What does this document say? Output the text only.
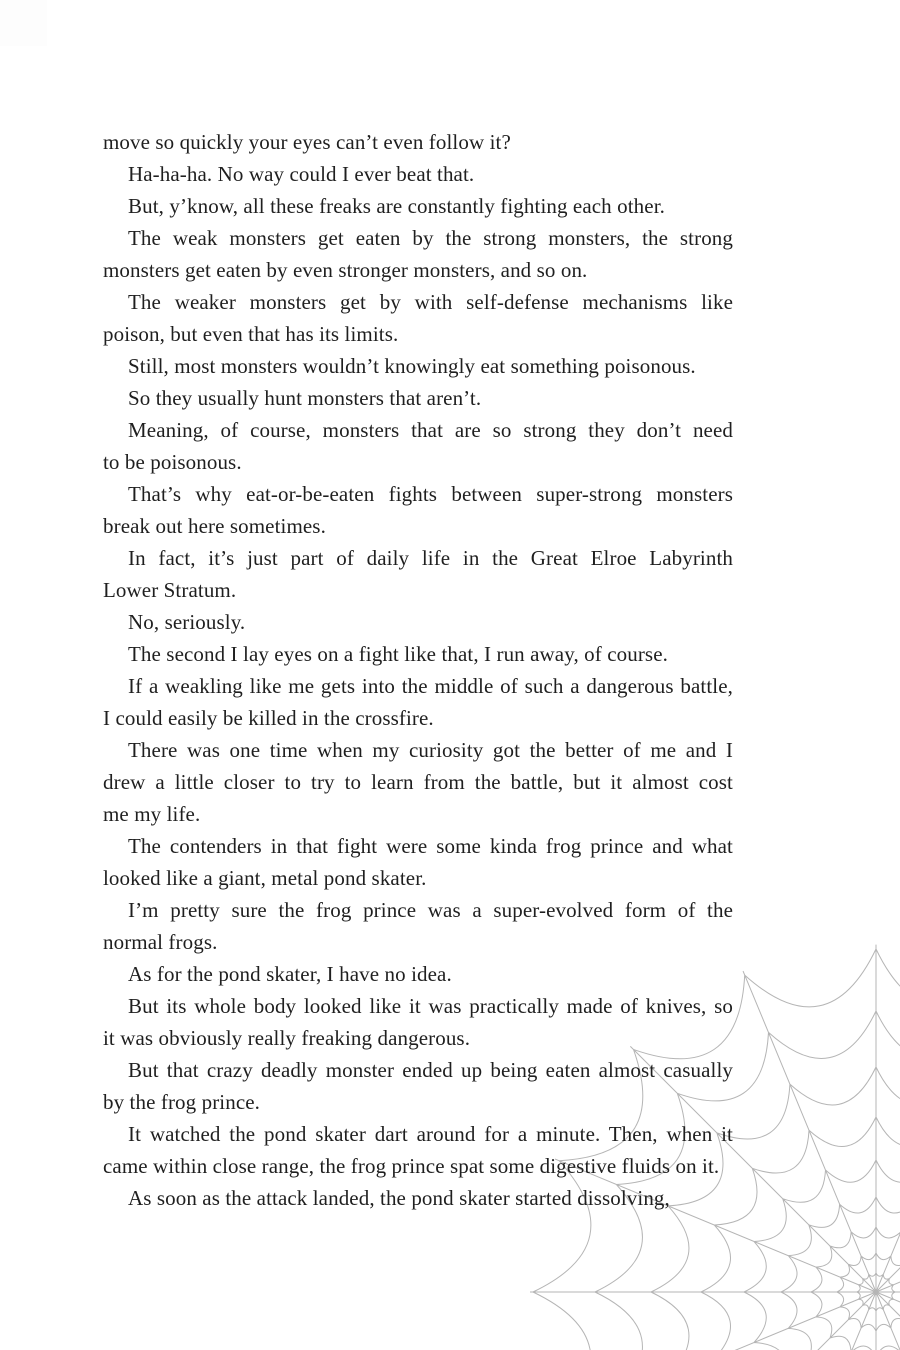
move so quickly your eyes can’t even follow it?
Ha-ha-ha. No way could I ever beat that.
But, y’know, all these freaks are constantly fighting each other.
The weak monsters get eaten by the strong monsters, the strong
monsters get eaten by even stronger monsters, and so on.
The weaker monsters get by with self-defense mechanisms like
poison, but even that has its limits.
Still, most monsters wouldn’t knowingly eat something poisonous.
So they usually hunt monsters that aren’t.
Meaning, of course, monsters that are so strong they don’t need
to be poisonous.
That’s why eat-or-be-eaten fights between super-strong monsters
break out here sometimes.
In fact, it’s just part of daily life in the Great Elroe Labyrinth
Lower Stratum.
No, seriously.
The second I lay eyes on a fight like that, I run away, of course.
If a weakling like me gets into the middle of such a dangerous battle,
I could easily be killed in the crossfire.
There was one time when my curiosity got the better of me and I
drew a little closer to try to learn from the battle, but it almost cost
me my life.
The contenders in that fight were some kinda frog prince and what
looked like a giant, metal pond skater.
I’m pretty sure the frog prince was a super-evolved form of the
normal frogs.
As for the pond skater, I have no idea.
But its whole body looked like it was practically made of knives, so
it was obviously really freaking dangerous.
But that crazy deadly monster ended up being eaten almost casually
by the frog prince.
It watched the pond skater dart around for a minute. Then, when it
came within close range, the frog prince spat some digestive fluids on it.
As soon as the attack landed, the pond skater started dissolving,
